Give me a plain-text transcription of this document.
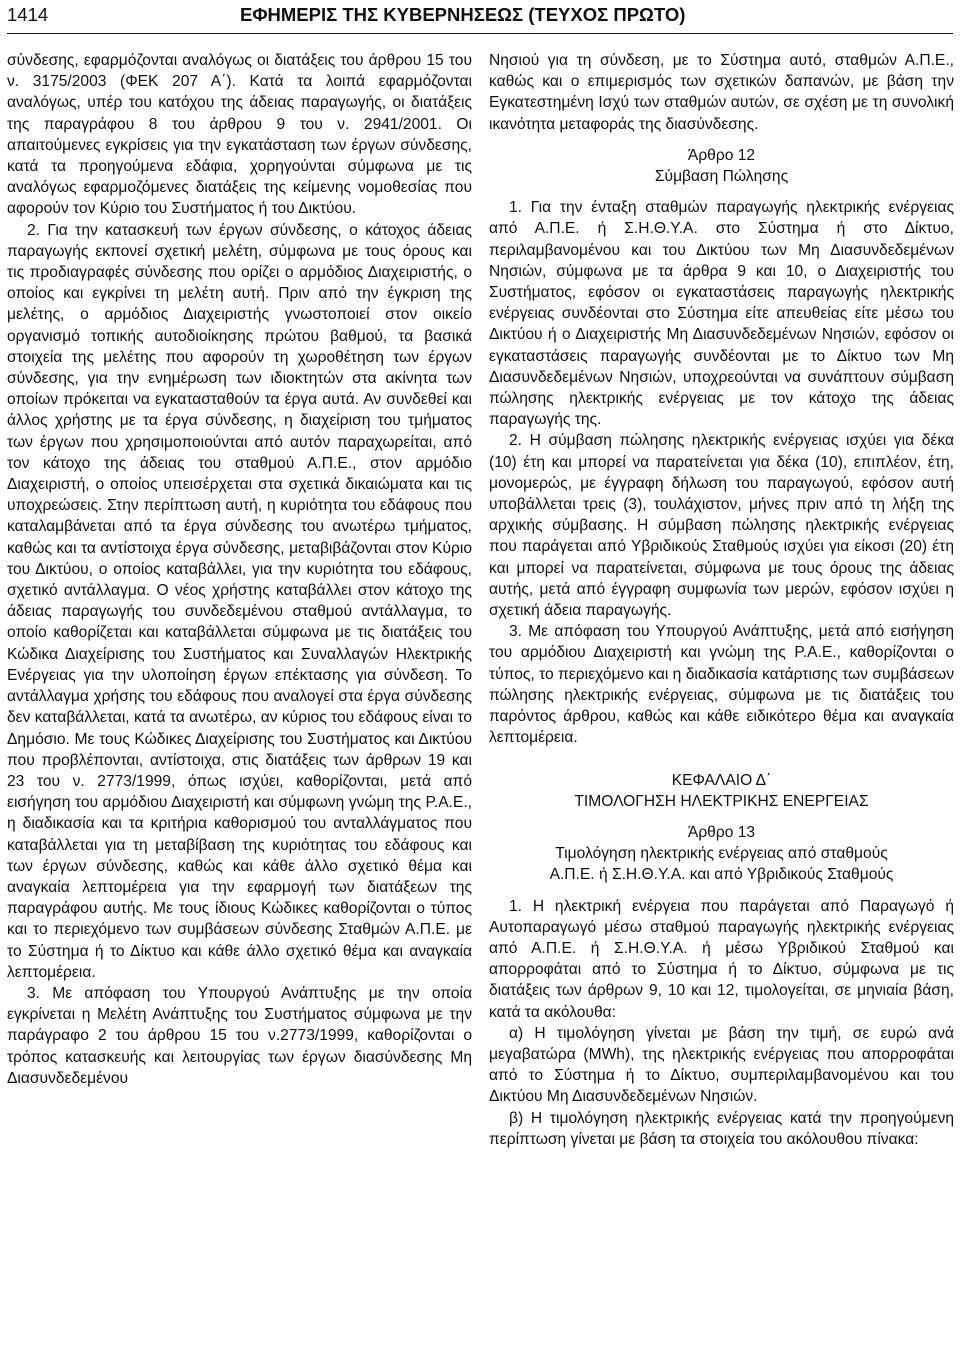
1414	ΕΦΗΜΕΡΙΣ ΤΗΣ ΚΥΒΕΡΝΗΣΕΩΣ (ΤΕΥΧΟΣ ΠΡΩΤΟ)

σύνδεσης, εφαρμόζονται αναλόγως οι διατάξεις του άρθρου 15 του ν. 3175/2003 (ΦΕΚ 207 Α΄). Κατά τα λοιπά εφαρμόζονται αναλόγως, υπέρ του κατόχου της άδειας παραγωγής, οι διατάξεις της παραγράφου 8 του άρθρου 9 του ν. 2941/2001. Οι απαιτούμενες εγκρίσεις για την εγκατάσταση των έργων σύνδεσης, κατά τα προηγούμενα εδάφια, χορηγούνται σύμφωνα με τις αναλόγως εφαρμοζόμενες διατάξεις της κείμενης νομοθεσίας που αφορούν τον Κύριο του Συστήματος ή του Δικτύου.

2. Για την κατασκευή των έργων σύνδεσης, ο κάτοχος άδειας παραγωγής εκπονεί σχετική μελέτη, σύμφωνα με τους όρους και τις προδιαγραφές σύνδεσης που ορίζει ο αρμόδιος Διαχειριστής, ο οποίος και εγκρίνει τη μελέτη αυτή. Πριν από την έγκριση της μελέτης, ο αρμόδιος Διαχειριστής γνωστοποιεί στον οικείο οργανισμό τοπικής αυτοδιοίκησης πρώτου βαθμού, τα βασικά στοιχεία της μελέτης που αφορούν τη χωροθέτηση των έργων σύνδεσης, για την ενημέρωση των ιδιοκτητών στα ακίνητα των οποίων πρόκειται να εγκατασταθούν τα έργα αυτά. Αν συνδεθεί και άλλος χρήστης με τα έργα σύνδεσης, η διαχείριση του τμήματος των έργων που χρησιμοποιούνται από αυτόν παραχωρείται, από τον κάτοχο της άδειας του σταθμού Α.Π.Ε., στον αρμόδιο Διαχειριστή, ο οποίος υπεισέρχεται στα σχετικά δικαιώματα και τις υποχρεώσεις. Στην περίπτωση αυτή, η κυριότητα του εδάφους που καταλαμβάνεται από τα έργα σύνδεσης του ανωτέρω τμήματος, καθώς και τα αντίστοιχα έργα σύνδεσης, μεταβιβάζονται στον Κύριο του Δικτύου, ο οποίος καταβάλλει, για την κυριότητα του εδάφους, σχετικό αντάλλαγμα. Ο νέος χρήστης καταβάλλει στον κάτοχο της άδειας παραγωγής του συνδεδεμένου σταθμού αντάλλαγμα, το οποίο καθορίζεται και καταβάλλεται σύμφωνα με τις διατάξεις του Κώδικα Διαχείρισης του Συστήματος και Συναλλαγών Ηλεκτρικής Ενέργειας για την υλοποίηση έργων επέκτασης για σύνδεση. Το αντάλλαγμα χρήσης του εδάφους που αναλογεί στα έργα σύνδεσης δεν καταβάλλεται, κατά τα ανωτέρω, αν κύριος του εδάφους είναι το Δημόσιο. Με τους Κώδικες Διαχείρισης του Συστήματος και Δικτύου που προβλέπονται, αντίστοιχα, στις διατάξεις των άρθρων 19 και 23 του ν. 2773/1999, όπως ισχύει, καθορίζονται, μετά από εισήγηση του αρμόδιου Διαχειριστή και σύμφωνη γνώμη της Ρ.Α.Ε., η διαδικασία και τα κριτήρια καθορισμού του ανταλλάγματος που καταβάλλεται για τη μεταβίβαση της κυριότητας του εδάφους και των έργων σύνδεσης, καθώς και κάθε άλλο σχετικό θέμα και αναγκαία λεπτομέρεια για την εφαρμογή των διατάξεων της παραγράφου αυτής. Με τους ίδιους Κώδικες καθορίζονται ο τύπος και το περιεχόμενο των συμβάσεων σύνδεσης Σταθμών Α.Π.Ε. με το Σύστημα ή το Δίκτυο και κάθε άλλο σχετικό θέμα και αναγκαία λεπτομέρεια.

3. Με απόφαση του Υπουργού Ανάπτυξης με την οποία εγκρίνεται η Μελέτη Ανάπτυξης του Συστήματος σύμφωνα με την παράγραφο 2 του άρθρου 15 του ν.2773/1999, καθορίζονται ο τρόπος κατασκευής και λειτουργίας των έργων διασύνδεσης Μη Διασυνδεδεμένου

Νησιού για τη σύνδεση, με το Σύστημα αυτό, σταθμών Α.Π.Ε., καθώς και ο επιμερισμός των σχετικών δαπανών, με βάση την Εγκατεστημένη Ισχύ των σταθμών αυτών, σε σχέση με τη συνολική ικανότητα μεταφοράς της διασύνδεσης.

Άρθρο 12

Σύμβαση Πώλησης

1. Για την ένταξη σταθμών παραγωγής ηλεκτρικής ενέργειας από Α.Π.Ε. ή Σ.Η.Θ.Υ.Α. στο Σύστημα ή στο Δίκτυο, περιλαμβανομένου και του Δικτύου των Μη Διασυνδεδεμένων Νησιών, σύμφωνα με τα άρθρα 9 και 10, ο Διαχειριστής του Συστήματος, εφόσον οι εγκαταστάσεις παραγωγής ηλεκτρικής ενέργειας συνδέονται στο Σύστημα είτε απευθείας είτε μέσω του Δικτύου ή ο Διαχειριστής Μη Διασυνδεδεμένων Νησιών, εφόσον οι εγκαταστάσεις παραγωγής συνδέονται με το Δίκτυο των Μη Διασυνδεδεμένων Νησιών, υποχρεούνται να συνάπτουν σύμβαση πώλησης ηλεκτρικής ενέργειας με τον κάτοχο της άδειας παραγωγής της.

2. Η σύμβαση πώλησης ηλεκτρικής ενέργειας ισχύει για δέκα (10) έτη και μπορεί να παρατείνεται για δέκα (10), επιπλέον, έτη, μονομερώς, με έγγραφη δήλωση του παραγωγού, εφόσον αυτή υποβάλλεται τρεις (3), τουλάχιστον, μήνες πριν από τη λήξη της αρχικής σύμβασης. Η σύμβαση πώλησης ηλεκτρικής ενέργειας που παράγεται από Υβριδικούς Σταθμούς ισχύει για είκοσι (20) έτη και μπορεί να παρατείνεται, σύμφωνα με τους όρους της άδειας αυτής, μετά από έγγραφη συμφωνία των μερών, εφόσον ισχύει η σχετική άδεια παραγωγής.

3. Με απόφαση του Υπουργού Ανάπτυξης, μετά από εισήγηση του αρμόδιου Διαχειριστή και γνώμη της Ρ.Α.Ε., καθορίζονται ο τύπος, το περιεχόμενο και η διαδικασία κατάρτισης των συμβάσεων πώλησης ηλεκτρικής ενέργειας, σύμφωνα με τις διατάξεις του παρόντος άρθρου, καθώς και κάθε ειδικότερο θέμα και αναγκαία λεπτομέρεια.

ΚΕΦΑΛΑΙΟ Δ΄

ΤΙΜΟΛΟΓΗΣΗ ΗΛΕΚΤΡΙΚΗΣ ΕΝΕΡΓΕΙΑΣ

Άρθρο 13

Τιμολόγηση ηλεκτρικής ενέργειας από σταθμούς

Α.Π.Ε. ή Σ.Η.Θ.Υ.Α. και από Υβριδικούς Σταθμούς

1. Η ηλεκτρική ενέργεια που παράγεται από Παραγωγό ή Αυτοπαραγωγό μέσω σταθμού παραγωγής ηλεκτρικής ενέργειας από Α.Π.Ε. ή Σ.Η.Θ.Υ.Α. ή μέσω Υβριδικού Σταθμού και απορροφάται από το Σύστημα ή το Δίκτυο, σύμφωνα με τις διατάξεις των άρθρων 9, 10 και 12, τιμολογείται, σε μηνιαία βάση, κατά τα ακόλουθα:

α) Η τιμολόγηση γίνεται με βάση την τιμή, σε ευρώ ανά μεγαβατώρα (MWh), της ηλεκτρικής ενέργειας που απορροφάται από το Σύστημα ή το Δίκτυο, συμπεριλαμβανομένου και του Δικτύου Μη Διασυνδεδεμένων Νησιών.

β) Η τιμολόγηση ηλεκτρικής ενέργειας κατά την προηγούμενη περίπτωση γίνεται με βάση τα στοιχεία του ακόλουθου πίνακα:
